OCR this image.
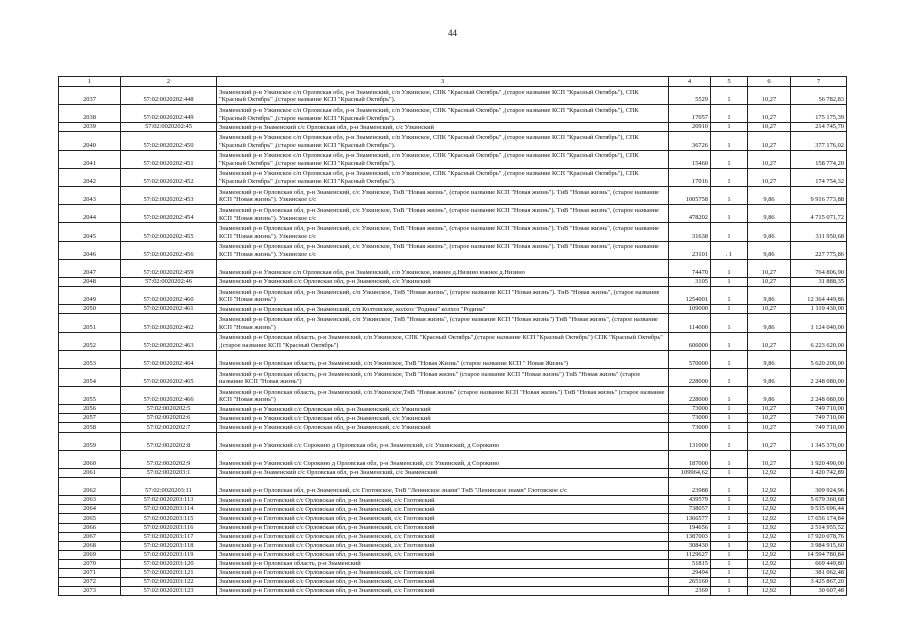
44
1	2	3	4	5	6	7
2037	57:02:0020202:448	Знаменский р-н Узкинское с/п Орловская обл, р-н Знаменский, с/п Узкинское, СПК "Красный Октябрь" ,(старое название КСП "Красный Октябрь"), СПК "Красный Октябрь" ,(старое название КСП "Красный Октябрь").	5529	1	10,27	56 782,83
2038	57:02:0020202:449	Знаменский р-н Узкинское с/п Орловская обл, р-н Знаменский, с/п Узкинское, СПК "Красный Октябрь" ,(старое название КСП "Красный Октябрь"), СПК "Красный Октябрь" ,(старое название КСП "Красный Октябрь").	17057	1	10,27	175 175,39
2039	57:02:0020202:45	Знаменский р-н Знаменский с/с Орловская обл, р-н Знаменский, с/с Узкинский	20910	1	10,27	214 745,70
2040	57:02:0020202:450	Знаменский р-н Узкинское с/п Орловская обл, р-н Знаменский, с/п Узкинское, СПК "Красный Октябрь" ,(старое название КСП "Красный Октябрь"), СПК "Красный Октябрь" ,(старое название КСП "Красный Октябрь").	36726	1	10,27	377 176,02
2041	57:02:0020202:451	Знаменский р-н Узкинское с/п Орловская обл, р-н Знаменский, с/п Узкинское, СПК "Красный Октябрь" ,(старое название КСП "Красный Октябрь"), СПК "Красный Октябрь" ,(старое название КСП "Красный Октябрь").	15460	1	10,27	158 774,20
2042	57:02:0020202:452	Знаменский р-н Узкинское с/п Орловская обл, р-н Знаменский, с/п Узкинское, СПК "Красный Октябрь" ,(старое название КСП "Красный Октябрь"), СПК "Красный Октябрь" ,(старое название КСП "Красный Октябрь").	17016	1	10,27	174 754,32
2043	57:02:0020202:453	Знаменский р-н Орловская обл, р-н Знаменский, с/с Узкинское, ТнВ "Новая жизнь", (старое название КСП "Новая жизнь"). ТнВ "Новая жизнь", (старое название КСП "Новая жизнь"). Узкинское с/с	1005758	1	9,86	9 916 773,88
2044	57:02:0020202:454	Знаменский р-н Орловская обл, р-н Знаменский, с/с Узкинское, ТнВ "Новая жизнь", (старое название КСП "Новая жизнь"). ТнВ "Новая жизнь", (старое название КСП "Новая жизнь"). Узкинское с/с	478202	1	9,86	4 715 071,72
2045	57:02:0020202:455	Знаменский р-н Орловская обл, р-н Знаменский, с/с Узкинское, ТнВ "Новая жизнь", (старое название КСП "Новая жизнь"). ТнВ "Новая жизнь", (старое название КСП "Новая жизнь"). Узкинское с/с	31638	1	9,86	311 950,68
2046	57:02:0020202:456	Знаменский р-н Орловская обл, р-н Знаменский, с/с Узкинское, ТнВ "Новая жизнь", (старое название КСП "Новая жизнь"). ТнВ "Новая жизнь", (старое название КСП "Новая жизнь"). Узкинское с/с	23101	. 1	9,86	227 775,86
2047	57:02:0020202:459	Знаменский р-н Узкинское с/п Орловская обл, р-н Знаменский, с/п Узкинское, южнее д.Низино южнее д.Низино	74470	1	10,27	764 806,90
2048	57:02:0020202:46	Знаменский р-н Узкинский с/с Орловская обл, р-н Знаменский, с/с Узкинский	3105	1	10,27	31 888,35
2049	57:02:0020202:460	Знаменский р-н Орловская обл, р-н Знаменский, с/п Узкинское, ТнВ "Новая жизнь", (старое название КСП "Новая жизнь"). ТнВ "Новая жизнь", (старое название КСП "Новая жизнь")	1254001	1	9,86	12 364 449,86
2050	57:02:0020202:461	Знаменский р-н Орловская обл, р-н Знаменский, с/п Колтевское, колхоз "Родина" колхоз "Родина"	109000	1	10,27	1 119 430,00
2051	57:02:0020202:462	Знаменский р-н Орловская обл, р-н Знаменский, с/п Узкинское, ТнВ "Новая жизнь", (старое название КСП "Новая жизнь") ТнВ "Новая жизнь", (старое название КСП "Новая жизнь")	114000	1	9,86	1 124 040,00
2052	57:02:0020202:463	Знаменский р-н Орловская область, р-н Знаменский, с/п Узкинское, СПК "Красный Октябрь",(старое название КСП "Красный Октябрь") СПК "Красный Октябрь" ,(старое название КСП "Красный Октябрь")	606000	1	10,27	6 223 620,00
2053	57:02:0020202:464	Знаменский р-н Орловская область, р-н Знаменский, с/п Узкинское, ТнВ "Новая Жизнь" (старое название КСП " Новая Жизнь")	570000	1	9,86	5 620 200,00
2054	57:02:0020202:465	Знаменский р-н Орловская область, р-н Знаменский, с/п Узкинское, ТнВ "Новая жизнь" (старое название КСП "Новая жизнь") ТнВ "Новая жизнь" (старое название КСП "Новая жизнь")	228000	1	9,86	2 248 080,00
2055	57:02:0020202:466	Знаменский р-н Орловская область, р-н Знаменский, с/п Узкинское,ТнВ "Новая жизнь" (старое название КСП "Новая жизнь") ТнВ "Новая жизнь" (старое название КСП "Новая жизнь")	228000	1	9,86	2 248 080,00
2056	57:02:0020202:5	Знаменский р-н Узкинский с/с Орловская обл, р-н Знаменский, с/с Узкинский	73000	1	10,27	749 710,00
2057	57:02:0020202:6	Знаменский р-н Узкинский с/с Орловская обл, р-н Знаменский, с/с Узкинский	73000	1	10,27	749 710,00
2058	57:02:0020202:7	Знаменский р-н Узкинский с/с Орловская обл, р-н Знаменский, с/с Узкинский	73000	1	10,27	749 710,00
2059	57:02:0020202:8	Знаменский р-н Узкинский с/с Сорокино д Орловская обл, р-н Знаменский, с/с Узкинский, д Сорокино	131000	1	10,27	1 345 370,00
2060	57:02:0020202:9	Знаменский р-н Узкинский с/с Сорокино д Орловская обл, р-н Знаменский, с/с Узкинский, д Сорокино	187000	1	10,27	1 920 490,00
2061	57:02:0020203:1	Знаменский р-н Знаменский с/с Орловская обл, р-н Знаменский, с/с Знаменский	109964,62	1	12,92	1 420 742,89
2062	57:02:0020203:11	Знаменский р-н Орловская обл, р-н Знаменский, с/с Глотовское, ТнВ "Ленинское знамя" ТнВ "Ленинское знамя" Глотовское с/с	23988	1	12,92	309 924,96
2063	57:02:0020203:113	Знаменский р-н Глотовский с/с Орловская обл, р-н Знаменский, с/с Глотовский	439579	1	12,92	5 679 360,68
2064	57:02:0020203:114	Знаменский р-н Глотовский с/с Орловская обл, р-н Знаменский, с/с Глотовский	738057	1	12,92	9 535 696,44
2065	57:02:0020203:115	Знаменский р-н Глотовский с/с Орловская обл, р-н Знаменский, с/с Глотовский	1366577	1	12,92	17 656 174,84
2066	57:02:0020203:116	Знаменский р-н Глотовский с/с Орловская обл, р-н Знаменский, с/с Глотовский	194656	1	12,92	2 514 955,52
2067	57:02:0020203:117	Знаменский р-н Глотовский с/с Орловская обл, р-н Знаменский, с/с Глотовский	1387003	1	12,92	17 920 078,76
2068	57:02:0020203:118	Знаменский р-н Глотовский с/с Орловская обл, р-н Знаменский, с/с Глотовский	308430	1	12,92	3 984 915,60
2069	57:02:0020203:119	Знаменский р-н Глотовский с/с Орловская обл, р-н Знаменский, с/с Глотовский	1129627	1	12,92	14 594 780,84
2070	57:02:0020203:120	Знаменский р-н Орловская область, р-н Знаменский	51815	1	12,92	669 449,80
2071	57:02:0020203:121	Знаменский р-н Глотовский с/с Орловская обл, р-н Знаменский, с/с Глотовский	29494	1	12,92	381 062,48
2072	57:02:0020203:122	Знаменский р-н Глотовский с/с Орловская обл, р-н Знаменский, с/с Глотовский	265160	1	12,92	3 425 867,20
2073	57:02:0020203:123	Знаменский р-н Глотовский с/с Орловская обл, р-н Знаменский, с/с Глотовский	2369	1	12,92	30 607,48
